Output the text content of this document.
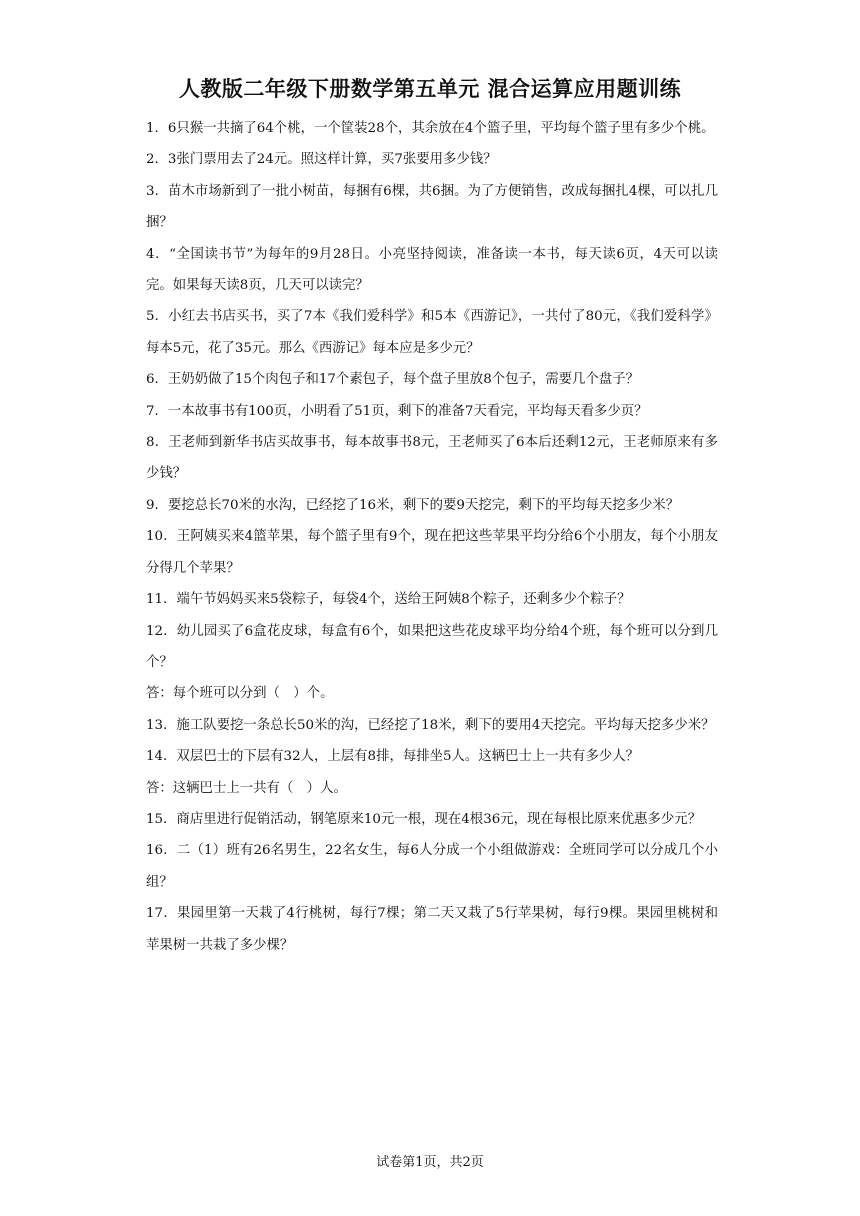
人教版二年级下册数学第五单元 混合运算应用题训练

1．6只猴一共摘了64个桃，一个筐装28个，其余放在4个篮子里，平均每个篮子里有多少个桃。

2．3张门票用去了24元。照这样计算，买7张要用多少钱？

3．苗木市场新到了一批小树苗，每捆有6棵，共6捆。为了方便销售，改成每捆扎4棵，可以扎几捆？

4．“全国读书节”为每年的9月28日。小亮坚持阅读，准备读一本书，每天读6页，4天可以读完。如果每天读8页，几天可以读完？

5．小红去书店买书，买了7本《我们爱科学》和5本《西游记》，一共付了80元，《我们爱科学》每本5元，花了35元。那么《西游记》每本应是多少元？

6．王奶奶做了15个肉包子和17个素包子，每个盘子里放8个包子，需要几个盘子？

7．一本故事书有100页，小明看了51页，剩下的准备7天看完，平均每天看多少页？

8．王老师到新华书店买故事书，每本故事书8元，王老师买了6本后还剩12元，王老师原来有多少钱？

9．要挖总长70米的水沟，已经挖了16米，剩下的要9天挖完，剩下的平均每天挖多少米？

10．王阿姨买来4篮苹果，每个篮子里有9个，现在把这些苹果平均分给6个小朋友，每个小朋友分得几个苹果？

11．端午节妈妈买来5袋粽子，每袋4个，送给王阿姨8个粽子，还剩多少个粽子？

12．幼儿园买了6盒花皮球，每盒有6个，如果把这些花皮球平均分给4个班，每个班可以分到几个？

答：每个班可以分到（　）个。

13．施工队要挖一条总长50米的沟，已经挖了18米，剩下的要用4天挖完。平均每天挖多少米？

14．双层巴士的下层有32人，上层有8排，每排坐5人。这辆巴士上一共有多少人？

答：这辆巴士上一共有（　）人。

15．商店里进行促销活动，钢笔原来10元一根，现在4根36元，现在每根比原来优惠多少元？

16．二（1）班有26名男生，22名女生，每6人分成一个小组做游戏：全班同学可以分成几个小组？

17．果园里第一天栽了4行桃树，每行7棵；第二天又栽了5行苹果树，每行9棵。果园里桃树和苹果树一共栽了多少棵？

试卷第1页，共2页
